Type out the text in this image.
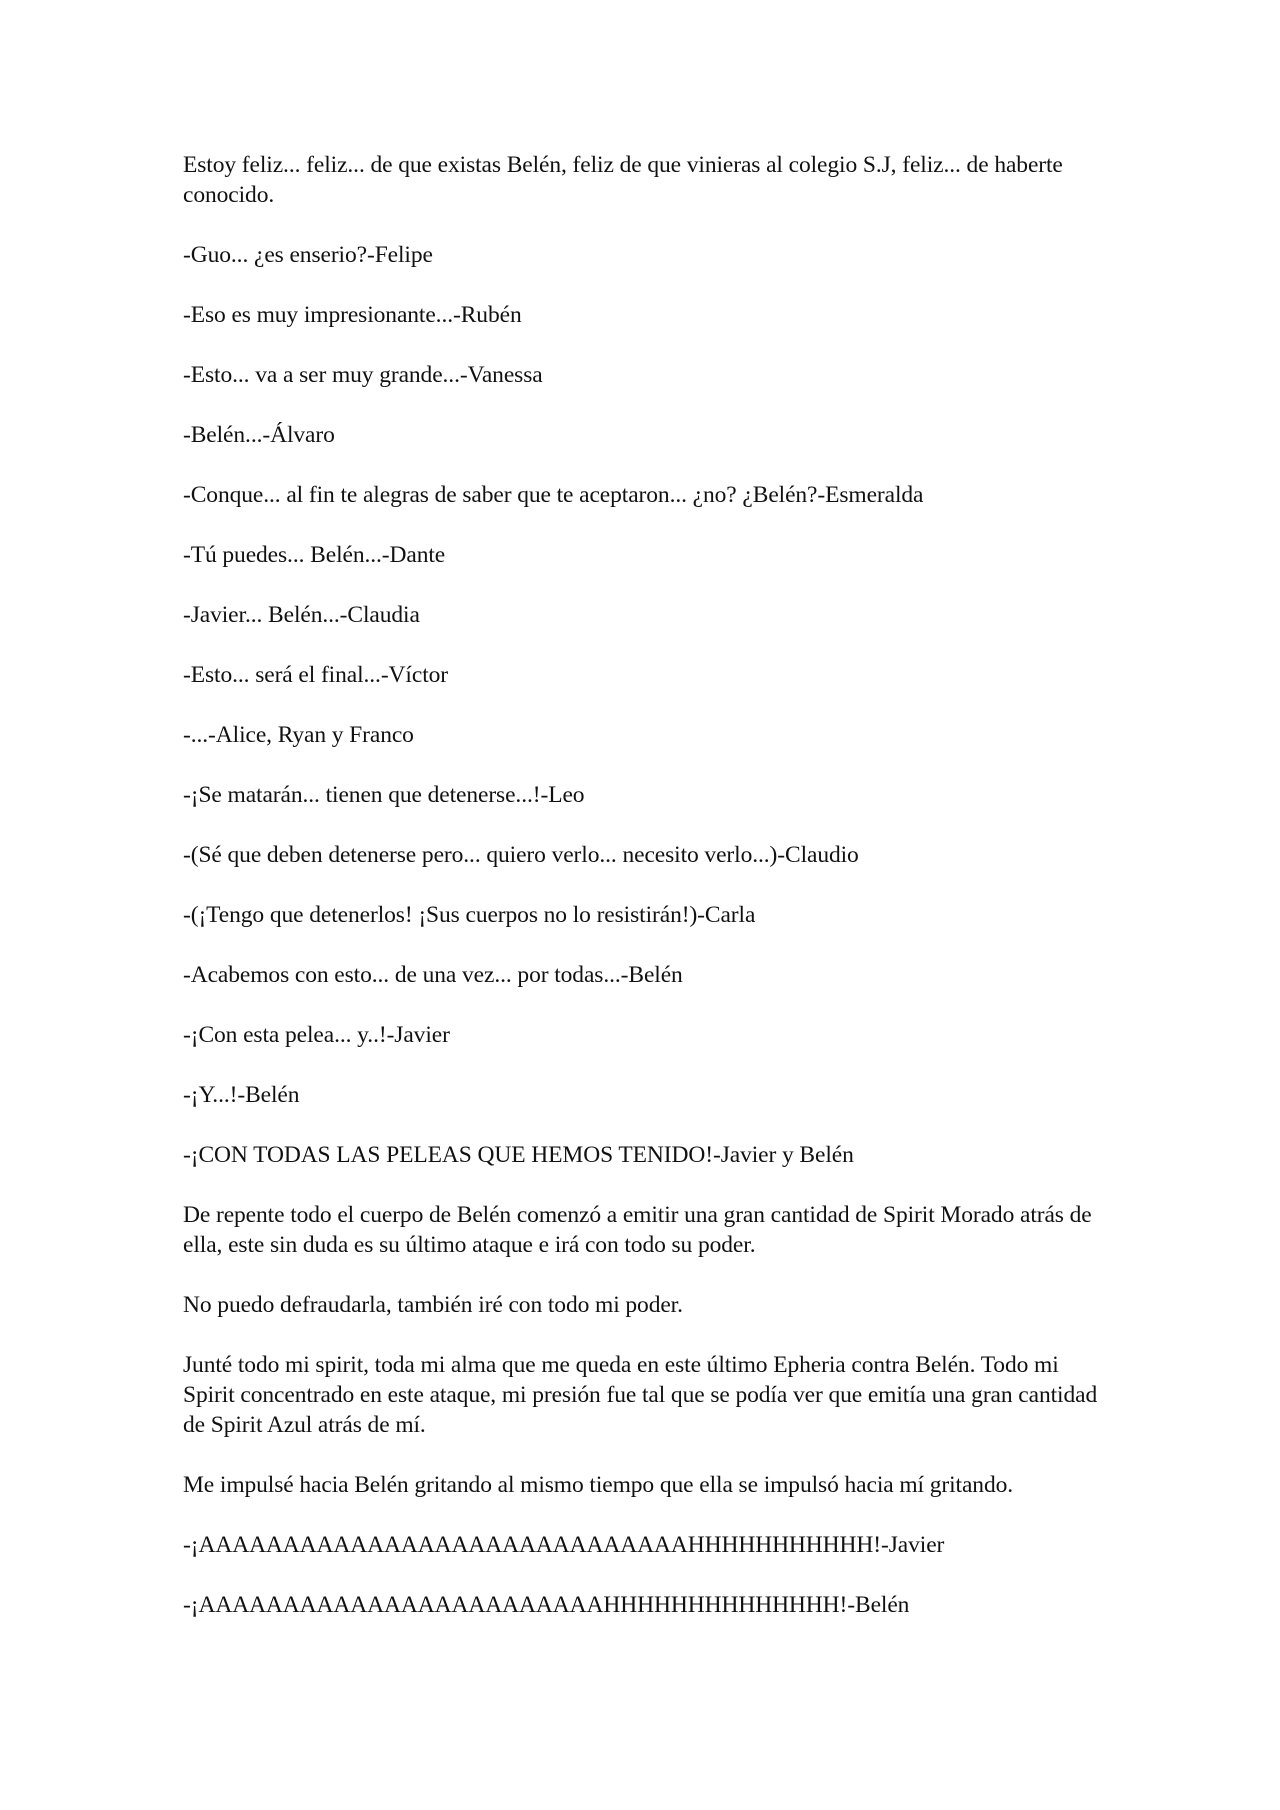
Estoy feliz... feliz... de que existas Belén, feliz de que vinieras al colegio S.J, feliz... de haberte conocido.

-Guo... ¿es enserio?-Felipe

-Eso es muy impresionante...-Rubén

-Esto... va a ser muy grande...-Vanessa

-Belén...-Álvaro

-Conque... al fin te alegras de saber que te aceptaron... ¿no? ¿Belén?-Esmeralda

-Tú puedes... Belén...-Dante

-Javier... Belén...-Claudia

-Esto... será el final...-Víctor

-...-Alice, Ryan y Franco

-¡Se matarán... tienen que detenerse...!-Leo

-(Sé que deben detenerse pero... quiero verlo... necesito verlo...)-Claudio

-(¡Tengo que detenerlos! ¡Sus cuerpos no lo resistirán!)-Carla

-Acabemos con esto... de una vez... por todas...-Belén

-¡Con esta pelea... y..!-Javier

-¡Y...!-Belén

-¡CON TODAS LAS PELEAS QUE HEMOS TENIDO!-Javier y Belén

De repente todo el cuerpo de Belén comenzó a emitir una gran cantidad de Spirit Morado atrás de ella, este sin duda es su último ataque e irá con todo su poder.

No puedo defraudarla, también iré con todo mi poder.

Junté todo mi spirit, toda mi alma que me queda en este último Epheria contra Belén. Todo mi Spirit concentrado en este ataque, mi presión fue tal que se podía ver que emitía una gran cantidad de Spirit Azul atrás de mí.

Me impulsé hacia Belén gritando al mismo tiempo que ella se impulsó hacia mí gritando.

-¡AAAAAAAAAAAAAAAAAAAAAAAAAAAAAHHHHHHHHHHH!-Javier

-¡AAAAAAAAAAAAAAAAAAAAAAAAHHHHHHHHHHHHHH!-Belén
